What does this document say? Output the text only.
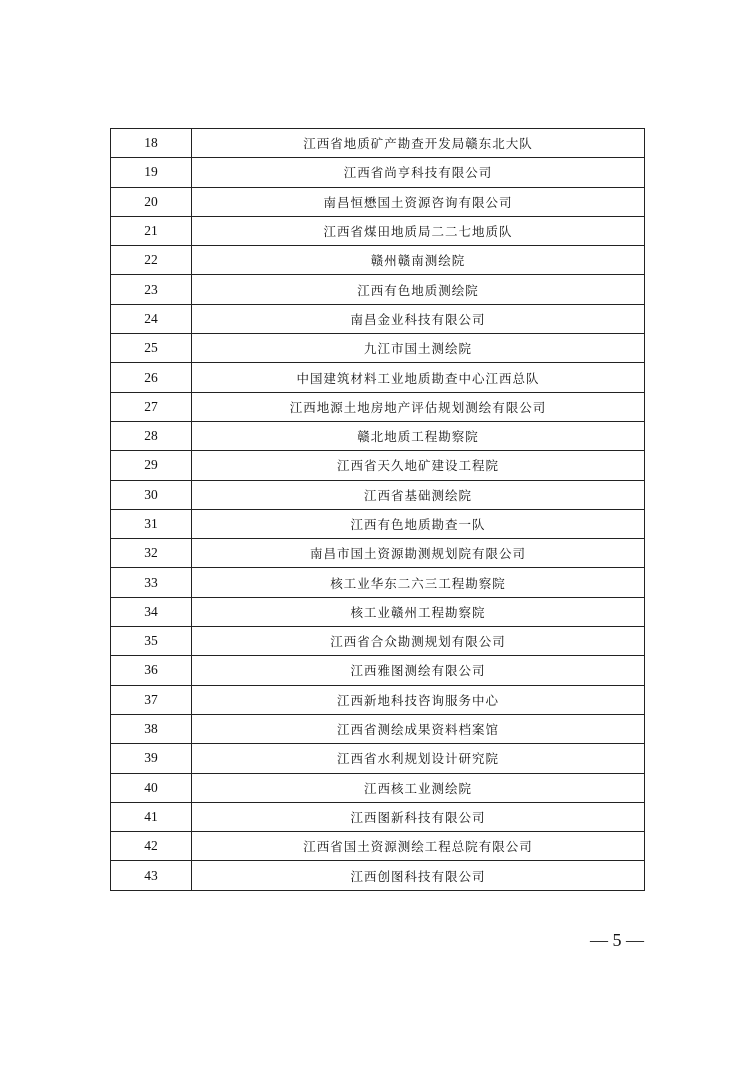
18	江西省地质矿产勘查开发局赣东北大队
19	江西省尚亨科技有限公司
20	南昌恒懋国土资源咨询有限公司
21	江西省煤田地质局二二七地质队
22	赣州赣南测绘院
23	江西有色地质测绘院
24	南昌金业科技有限公司
25	九江市国土测绘院
26	中国建筑材料工业地质勘查中心江西总队
27	江西地源土地房地产评估规划测绘有限公司
28	赣北地质工程勘察院
29	江西省天久地矿建设工程院
30	江西省基础测绘院
31	江西有色地质勘查一队
32	南昌市国土资源勘测规划院有限公司
33	核工业华东二六三工程勘察院
34	核工业赣州工程勘察院
35	江西省合众勘测规划有限公司
36	江西雅图测绘有限公司
37	江西新地科技咨询服务中心
38	江西省测绘成果资料档案馆
39	江西省水利规划设计研究院
40	江西核工业测绘院
41	江西图新科技有限公司
42	江西省国土资源测绘工程总院有限公司
43	江西创图科技有限公司
— 5 —
